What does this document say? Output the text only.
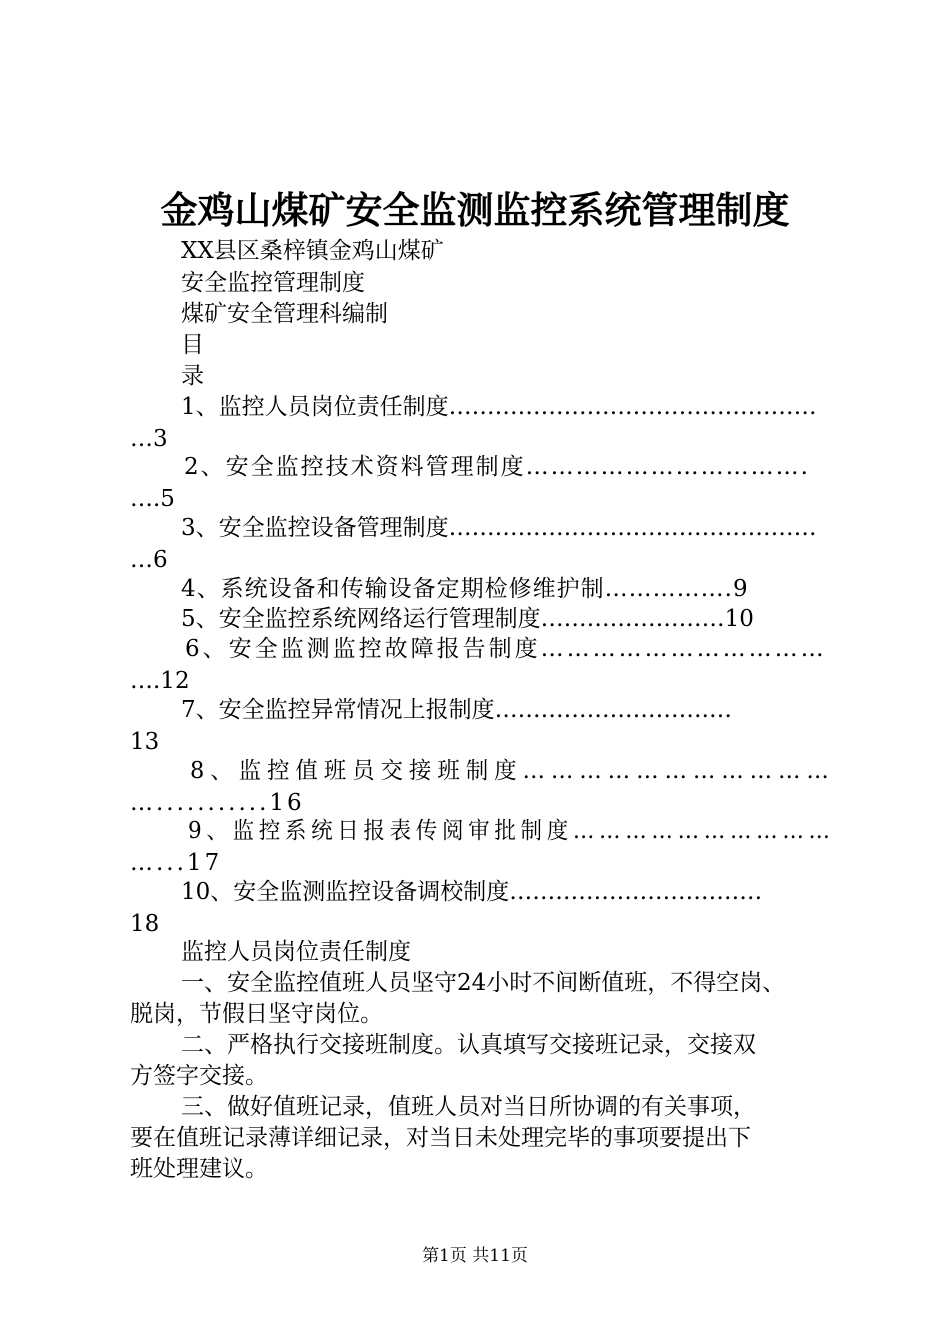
金鸡山煤矿安全监测监控系统管理制度
XX县区桑梓镇金鸡山煤矿
安全监控管理制度
煤矿安全管理科编制
目
录
1、监控人员岗位责任制度…………………………………………
…3
2、安全监控技术资料管理制度…………………………….
….5
3、安全监控设备管理制度…………………………………………
…6
4、系统设备和传输设备定期检修维护制…………….9
5、安全监控系统网络运行管理制度……………………10
6、安全监测监控故障报告制度……………………………
….12
7、安全监控异常情况上报制度……………………….…
13
8、监控值班员交接班制度……………………………
…...........16
9、监控系统日报表传阅审批制度…………………………
…...17
10、安全监测监控设备调校制度……………………………
18
监控人员岗位责任制度
一、安全监控值班人员坚守24小时不间断值班，不得空岗、
脱岗，节假日坚守岗位。
二、严格执行交接班制度。认真填写交接班记录，交接双
方签字交接。
三、做好值班记录，值班人员对当日所协调的有关事项，
要在值班记录薄详细记录，对当日未处理完毕的事项要提出下
班处理建议。
第1页 共11页
